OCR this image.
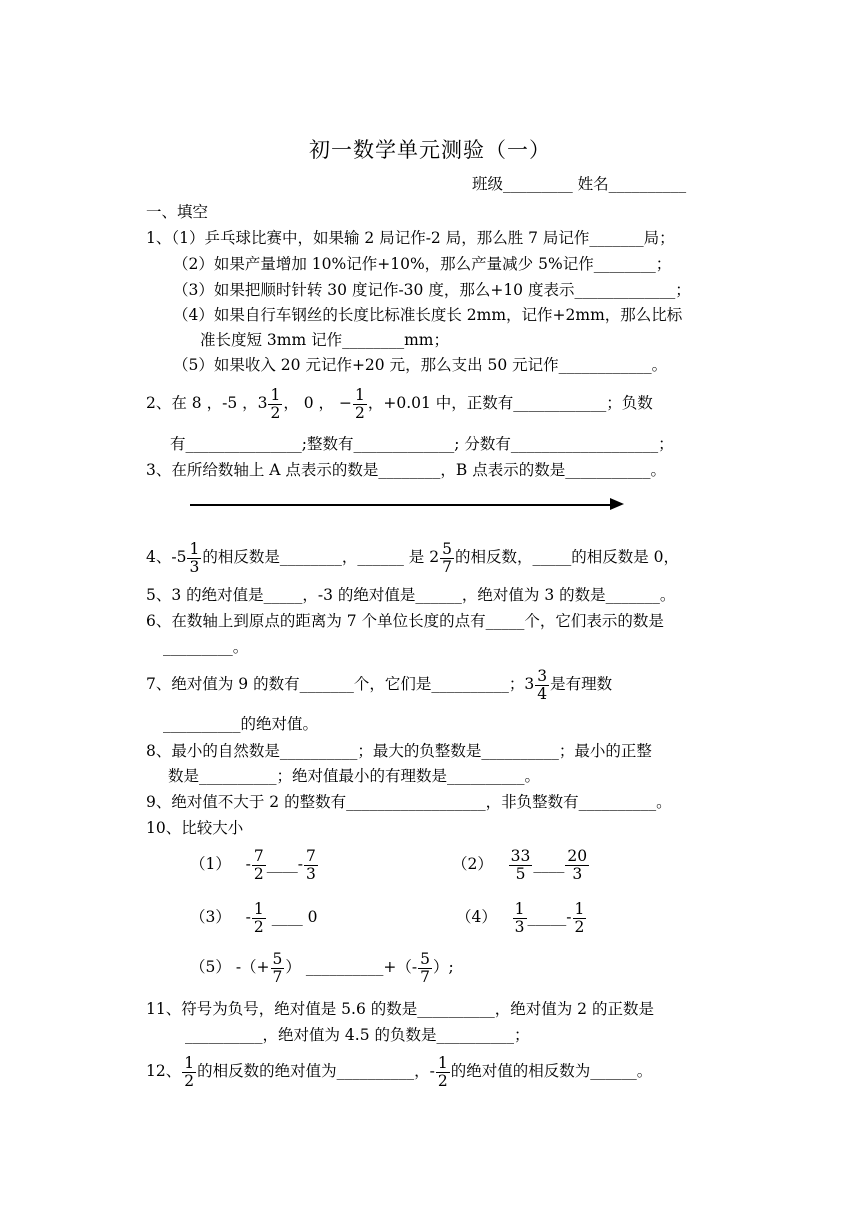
初一数学单元测验（一）
班级_________ 姓名__________
一、填空
1、（1）乒乓球比赛中，如果输 2 局记作-2 局，那么胜 7 局记作_______局；
（2）如果产量增加 10%记作+10%，那么产量减少 5%记作________；
（3）如果把顺时针转 30 度记作-30 度，那么+10 度表示_____________；
（4）如果自行车钢丝的长度比标准长度长 2mm，记作+2mm，那么比标
准长度短 3mm 记作________mm；
（5）如果收入 20 元记作+20 元，那么支出 50 元记作____________。
2、在 8 ，-5 ，$3 \frac{1}{2}$ ， 0 ， − $\frac{1}{2}$ ，+0.01 中，正数有____________；负数
有_______________;整数有_____________; 分数有___________________；
3、在所给数轴上 A 点表示的数是________，B 点表示的数是___________。
4、$-5 \frac{1}{3}$ 的相反数是________，______ 是 $2 \frac{5}{7}$ 的相反数，_____的相反数是 0，
5、3 的绝对值是_____，-3 的绝对值是______，绝对值为 3 的数是_______。
6、在数轴上到原点的距离为 7 个单位长度的点有_____个，它们表示的数是
_________。
7、绝对值为 9 的数有_______个，它们是__________；$3 \frac{3}{4}$ 是有理数
__________的绝对值。
8、最小的自然数是__________；最大的负整数是__________；最小的正整
数是__________；绝对值最小的有理数是__________。
9、绝对值不大于 2 的整数有__________________，非负整数有__________。
10、比较大小
$(1) - \frac{7}{2}$ ____- $\frac{7}{3}$	$(2) \frac{33}{5}$ ____ $\frac{20}{3}$
$(3) - \frac{1}{2}$ ____ 0	$(4) \frac{1}{3}$ _____- $\frac{1}{2}$
（5） -（+ $\frac{5}{7}$ ） __________+（- $\frac{5}{7}$ ）;
11、符号为负号，绝对值是 5.6 的数是__________，绝对值为 2 的正数是
__________，绝对值为 4.5 的负数是__________；
12、 $\frac{1}{2}$ 的相反数的绝对值为__________，- $\frac{1}{2}$ 的绝对值的相反数为______。
